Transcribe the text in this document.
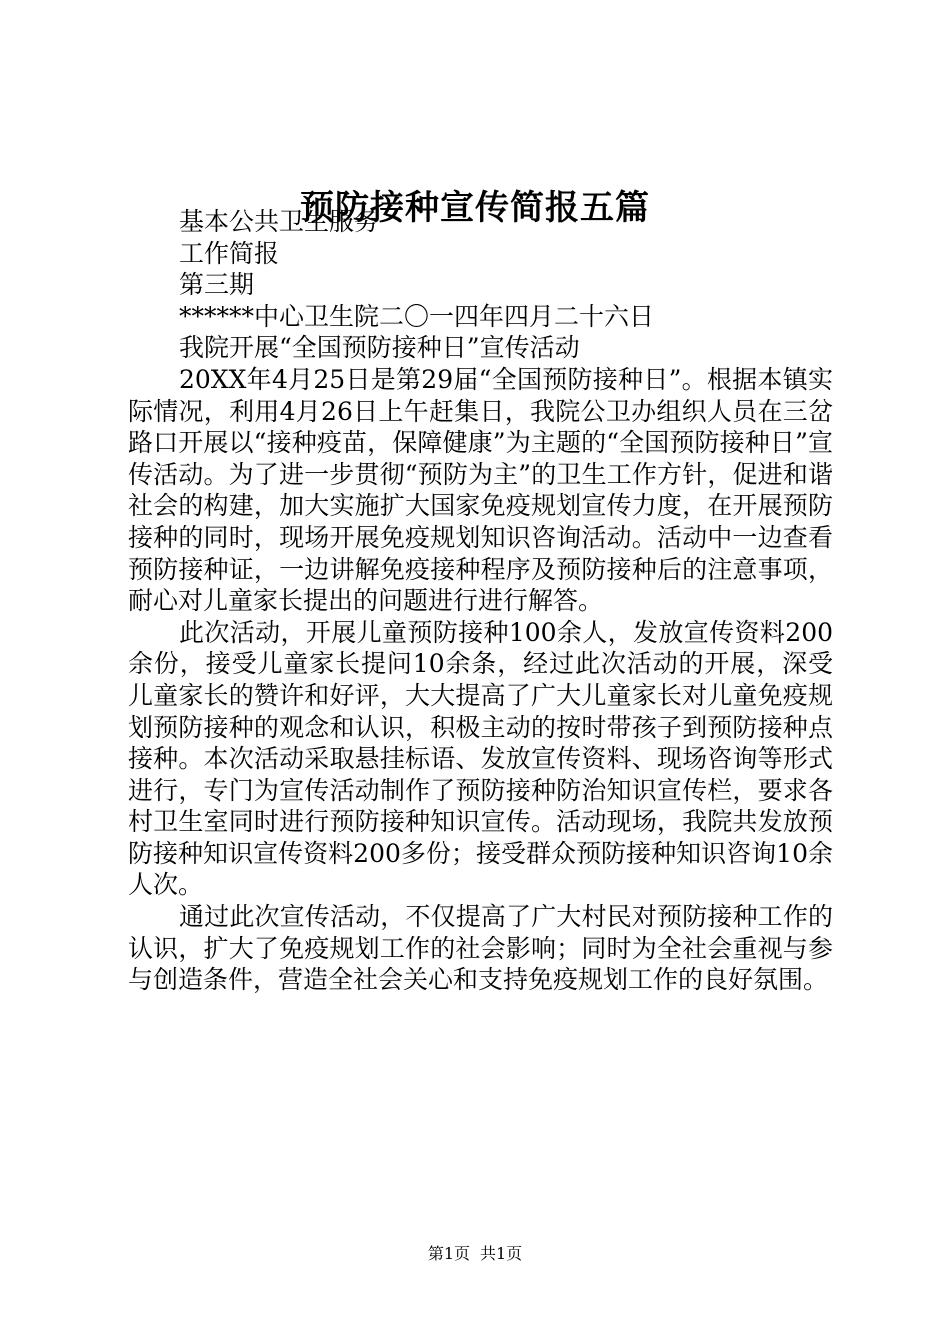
预防接种宣传简报五篇

基本公共卫生服务

工作简报

第三期

******中心卫生院二〇一四年四月二十六日

我院开展“全国预防接种日”宣传活动

20XX年4月25日是第29届“全国预防接种日”。根据本镇实际情况，利用4月26日上午赶集日，我院公卫办组织人员在三岔路口开展以“接种疫苗，保障健康”为主题的“全国预防接种日”宣传活动。为了进一步贯彻“预防为主”的卫生工作方针，促进和谐社会的构建，加大实施扩大国家免疫规划宣传力度，在开展预防接种的同时，现场开展免疫规划知识咨询活动。活动中一边查看预防接种证，一边讲解免疫接种程序及预防接种后的注意事项，耐心对儿童家长提出的问题进行进行解答。

此次活动，开展儿童预防接种100余人，发放宣传资料200余份，接受儿童家长提问10余条，经过此次活动的开展，深受儿童家长的赞许和好评，大大提高了广大儿童家长对儿童免疫规划预防接种的观念和认识，积极主动的按时带孩子到预防接种点接种。本次活动采取悬挂标语、发放宣传资料、现场咨询等形式进行，专门为宣传活动制作了预防接种防治知识宣传栏，要求各村卫生室同时进行预防接种知识宣传。活动现场，我院共发放预防接种知识宣传资料200多份；接受群众预防接种知识咨询10余人次。

通过此次宣传活动，不仅提高了广大村民对预防接种工作的认识，扩大了免疫规划工作的社会影响；同时为全社会重视与参与创造条件，营造全社会关心和支持免疫规划工作的良好氛围。

第1页 共1页
